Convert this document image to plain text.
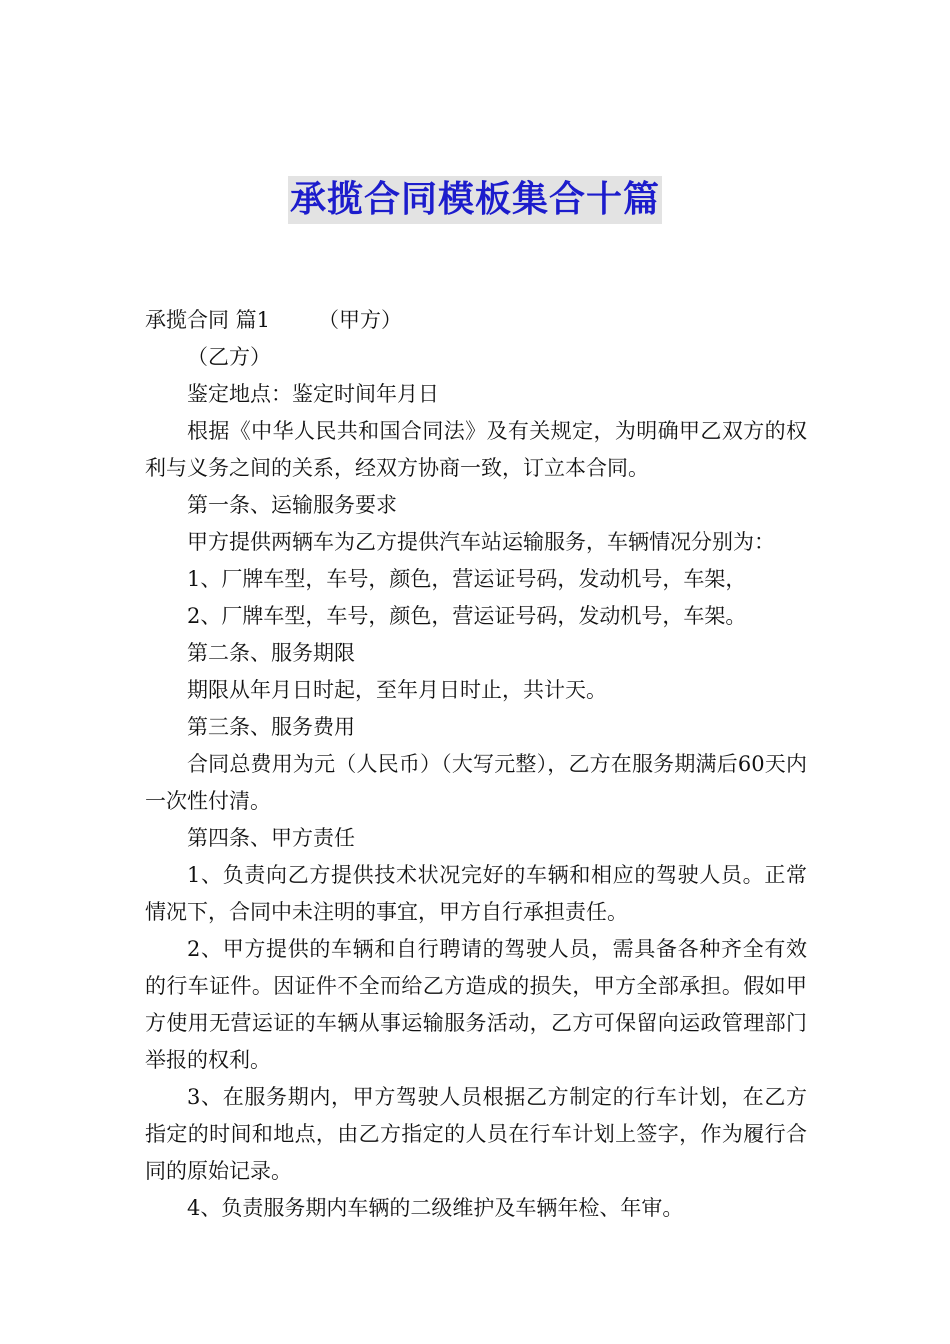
承揽合同模板集合十篇

承揽合同 篇1 （甲方）

（乙方）

鉴定地点：鉴定时间年月日

根据《中华人民共和国合同法》及有关规定，为明确甲乙双方的权利与义务之间的关系，经双方协商一致，订立本合同。

第一条、运输服务要求

甲方提供两辆车为乙方提供汽车站运输服务，车辆情况分别为：

1、厂牌车型，车号，颜色，营运证号码，发动机号，车架，

2、厂牌车型，车号，颜色，营运证号码，发动机号，车架。

第二条、服务期限

期限从年月日时起，至年月日时止，共计天。

第三条、服务费用

合同总费用为元（人民币）（大写元整），乙方在服务期满后60天内一次性付清。

第四条、甲方责任

1、负责向乙方提供技术状况完好的车辆和相应的驾驶人员。正常情况下，合同中未注明的事宜，甲方自行承担责任。

2、甲方提供的车辆和自行聘请的驾驶人员，需具备各种齐全有效的行车证件。因证件不全而给乙方造成的损失，甲方全部承担。假如甲方使用无营运证的车辆从事运输服务活动，乙方可保留向运政管理部门举报的权利。

3、在服务期内，甲方驾驶人员根据乙方制定的行车计划，在乙方指定的时间和地点，由乙方指定的人员在行车计划上签字，作为履行合同的原始记录。

4、负责服务期内车辆的二级维护及车辆年检、年审。
